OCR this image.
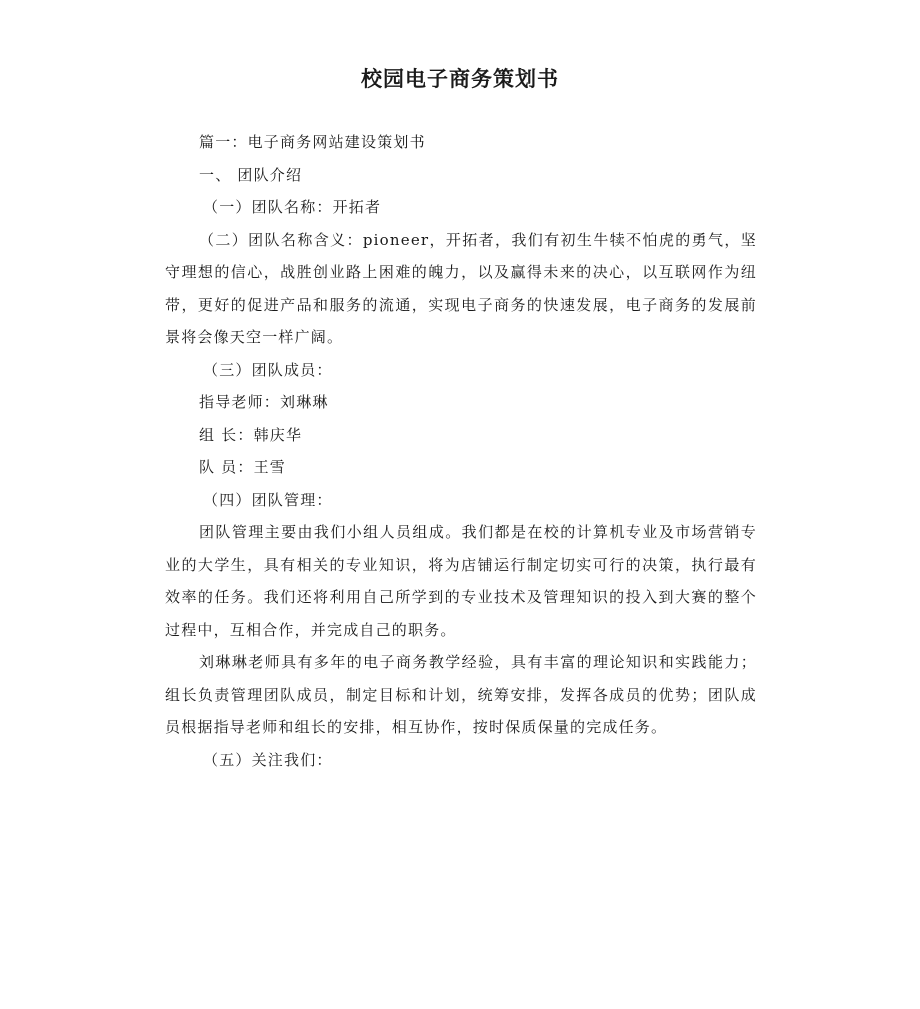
校园电子商务策划书

篇一：电子商务网站建设策划书

一、 团队介绍

（一）团队名称：开拓者

（二）团队名称含义：pioneer，开拓者，我们有初生牛犊不怕虎的勇气，坚守理想的信心，战胜创业路上困难的魄力，以及赢得未来的决心，以互联网作为纽带，更好的促进产品和服务的流通，实现电子商务的快速发展，电子商务的发展前景将会像天空一样广阔。

（三）团队成员：

指导老师：刘琳琳

组 长：韩庆华

队 员：王雪

（四）团队管理：

团队管理主要由我们小组人员组成。我们都是在校的计算机专业及市场营销专业的大学生，具有相关的专业知识，将为店铺运行制定切实可行的决策，执行最有效率的任务。我们还将利用自己所学到的专业技术及管理知识的投入到大赛的整个过程中，互相合作，并完成自己的职务。

刘琳琳老师具有多年的电子商务教学经验，具有丰富的理论知识和实践能力；组长负责管理团队成员，制定目标和计划，统筹安排，发挥各成员的优势；团队成员根据指导老师和组长的安排，相互协作，按时保质保量的完成任务。

（五）关注我们：
